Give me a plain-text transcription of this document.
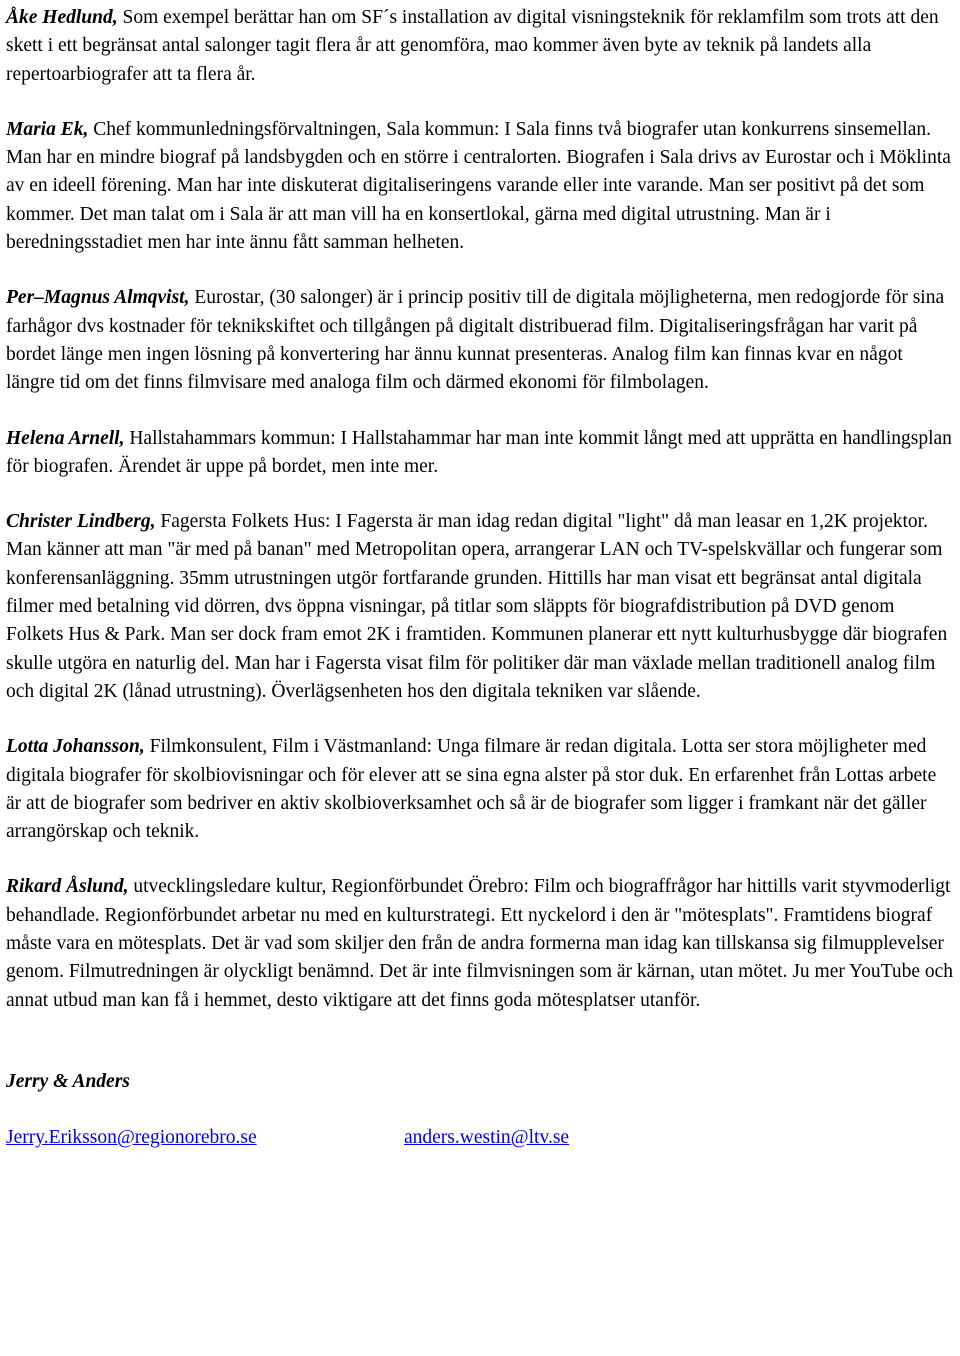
Åke Hedlund, Som exempel berättar han om SF´s installation av digital visningsteknik för reklamfilm som trots att den skett i ett begränsat antal salonger tagit flera år att genomföra, mao kommer även byte av teknik på landets alla repertoarbiografer att ta flera år.

Maria Ek, Chef kommunledningsförvaltningen, Sala kommun: I Sala finns två biografer utan konkurrens sinsemellan. Man har en mindre biograf på landsbygden och en större i centralorten. Biografen i Sala drivs av Eurostar och i Möklinta av en ideell förening. Man har inte diskuterat digitaliseringens varande eller inte varande. Man ser positivt på det som kommer. Det man talat om i Sala är att man vill ha en konsertlokal, gärna med digital utrustning. Man är i beredningsstadiet men har inte ännu fått samman helheten.

Per–Magnus Almqvist, Eurostar, (30 salonger) är i princip positiv till de digitala möjligheterna, men redogjorde för sina farhågor dvs kostnader för teknikskiftet och tillgången på digitalt distribuerad film. Digitaliseringsfrågan har varit på bordet länge men ingen lösning på konvertering har ännu kunnat presenteras. Analog film kan finnas kvar en något längre tid om det finns filmvisare med analoga film och därmed ekonomi för filmbolagen.

Helena Arnell, Hallstahammars kommun: I Hallstahammar har man inte kommit långt med att upprätta en handlingsplan för biografen. Ärendet är uppe på bordet, men inte mer.

Christer Lindberg, Fagersta Folkets Hus: I Fagersta är man idag redan digital "light" då man leasar en 1,2K projektor. Man känner att man "är med på banan" med Metropolitan opera, arrangerar LAN och TV-spelskvällar och fungerar som konferensanläggning. 35mm utrustningen utgör fortfarande grunden. Hittills har man visat ett begränsat antal digitala filmer med betalning vid dörren, dvs öppna visningar, på titlar som släppts för biografdistribution på DVD genom Folkets Hus & Park. Man ser dock fram emot 2K i framtiden. Kommunen planerar ett nytt kulturhusbygge där biografen skulle utgöra en naturlig del. Man har i Fagersta visat film för politiker där man växlade mellan traditionell analog film och digital 2K (lånad utrustning). Överlägsenheten hos den digitala tekniken var slående.

Lotta Johansson, Filmkonsulent, Film i Västmanland: Unga filmare är redan digitala. Lotta ser stora möjligheter med digitala biografer för skolbiovisningar och för elever att se sina egna alster på stor duk. En erfarenhet från Lottas arbete är att de biografer som bedriver en aktiv skolbioverksamhet och så är de biografer som ligger i framkant när det gäller arrangörskap och teknik.

Rikard Åslund, utvecklingsledare kultur, Regionförbundet Örebro: Film och biograffrågor har hittills varit styvmoderligt behandlade. Regionförbundet arbetar nu med en kulturstrategi. Ett nyckelord i den är "mötesplats". Framtidens biograf måste vara en mötesplats. Det är vad som skiljer den från de andra formerna man idag kan tillskansa sig filmupplevelser genom. Filmutredningen är olyckligt benämnd. Det är inte filmvisningen som är kärnan, utan mötet. Ju mer YouTube och annat utbud man kan få i hemmet, desto viktigare att det finns goda mötesplatser utanför.

Jerry & Anders
Jerry.Eriksson@regionorebro.se	anders.westin@ltv.se
